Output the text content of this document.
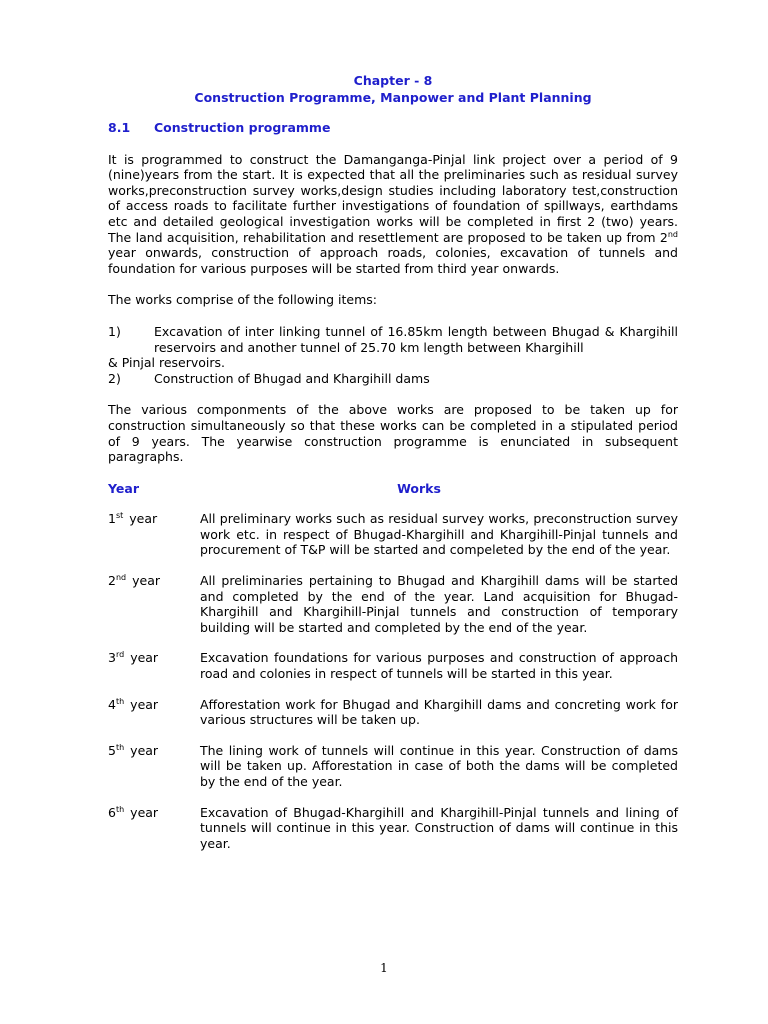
Chapter - 8
Construction Programme, Manpower and Plant Planning
8.1	Construction programme

It is programmed to construct the Damanganga-Pinjal link project over a period of 9 (nine)years from the start. It is expected that all the preliminaries such as residual survey works,preconstruction survey works,design studies including laboratory test,construction of access roads to facilitate further investigations of foundation of spillways, earthdams etc and detailed geological investigation works will be completed in first 2 (two) years. The land acquisition, rehabilitation and resettlement are proposed to be taken up from 2nd year onwards, construction of approach roads, colonies, excavation of tunnels and foundation for various purposes will be started from third year onwards.

The works comprise of the following items:

1)	Excavation of inter linking tunnel of 16.85km length between Bhugad & Khargihill reservoirs and another tunnel of 25.70 km length between Khargihill
& Pinjal reservoirs.
2)	Construction of Bhugad and Khargihill dams

The various componments of the above works are proposed to be taken up for construction simultaneously so that these works can be completed in a stipulated period of 9 years. The yearwise construction programme is enunciated in subsequent paragraphs.

Year	Works
1st year	All preliminary works such as residual survey works, preconstruction survey work etc. in respect of Bhugad-Khargihill and Khargihill-Pinjal tunnels and procurement of T&P will be started and compeleted by the end of the year.
2nd year	All preliminaries pertaining to Bhugad and Khargihill dams will be started and completed by the end of the year. Land acquisition for Bhugad-Khargihill and Khargihill-Pinjal tunnels and construction of temporary building will be started and completed by the end of the year.
3rd year	Excavation foundations for various purposes and construction of approach road and colonies in respect of tunnels will be started in this year.
4th year	Afforestation work for Bhugad and Khargihill dams and concreting work for various structures will be taken up.
5th year	The lining work of tunnels will continue in this year. Construction of dams will be taken up. Afforestation in case of both the dams will be completed by the end of the year.
6th year	Excavation of Bhugad-Khargihill and Khargihill-Pinjal tunnels and lining of tunnels will continue in this year. Construction of dams will continue in this year.
1
